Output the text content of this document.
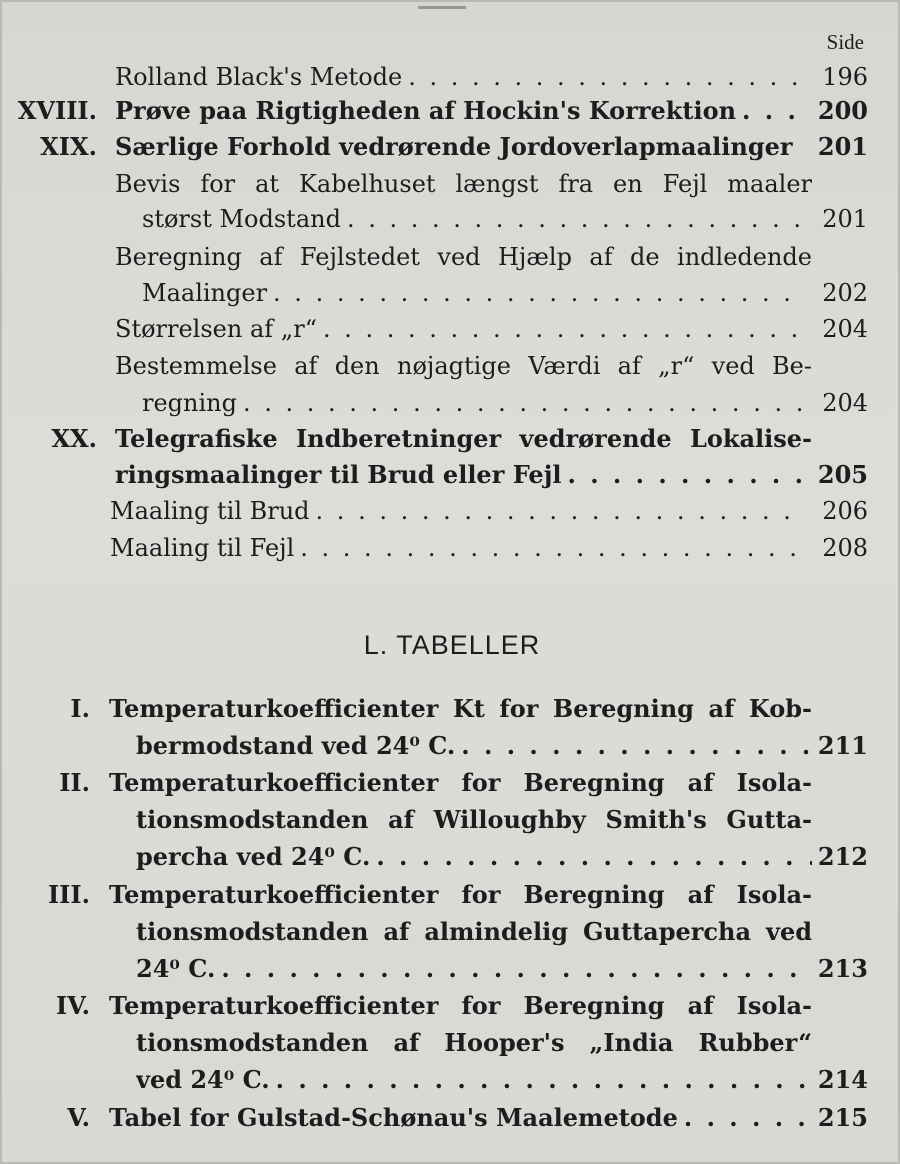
Side
Rolland Black's Metode . . .	196
XVIII. Prøve paa Rigtigheden af Hockin's Korrektion . . .	200
XIX. Særlige Forhold vedrørende Jordoverlapmaalinger 201
Bevis for at Kabelhuset længst fra en Fejl maaler
størst Modstand . . .	201
Beregning af Fejlstedet ved Hjælp af de indledende
Maalinger . . .	202
Størrelsen af „r“ . . .	204
Bestemmelse af den nøjagtige Værdi af „r“ ved Be-
regning . . .	204
XX. Telegrafiske Indberetninger vedrørende Lokalise-
ringsmaalinger til Brud eller Fejl . . .	205
Maaling til Brud . . .	206
Maaling til Fejl . . .	208
L. TABELLER
I. Temperaturkoefficienter Kt for Beregning af Kob-
bermodstand ved 24⁰ C. . . .	211
II. Temperaturkoefficienter for Beregning af Isola-
tionsmodstanden af Willoughby Smith's Gutta-
percha ved 24⁰ C. . . .	212
III. Temperaturkoefficienter for Beregning af Isola-
tionsmodstanden af almindelig Guttapercha ved
24⁰ C. . . .	213
IV. Temperaturkoefficienter for Beregning af Isola-
tionsmodstanden af Hooper's „India Rubber“
ved 24⁰ C. . . .	214
V. Tabel for Gulstad-Schønau's Maalemetode . . .	215
